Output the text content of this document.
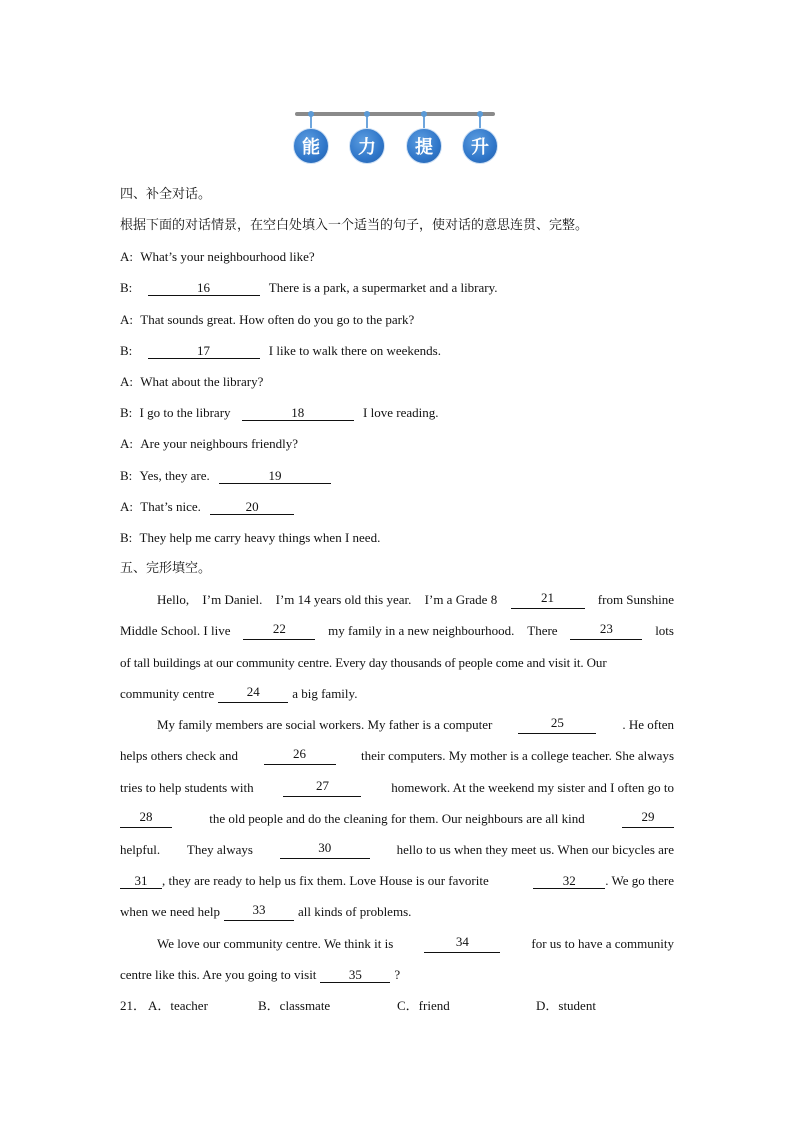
能	力	提	升
四、补全对话。
根据下面的对话情景，在空白处填入一个适当的句子，使对话的意思连贯、完整。
A: What’s your neighbourhood like?
B:	16	There is a park, a supermarket and a library.
A: That sounds great. How often do you go to the park?
B:	17	I like to walk there on weekends.
A: What about the library?
B: I go to the library	18	I love reading.
A: Are your neighbours friendly?
B: Yes, they are.	19
A: That’s nice.	20
B: They help me carry heavy things when I need.
五、完形填空。
Hello, I’m Daniel. I’m 14 years old this year. I’m a Grade 8	21	from Sunshine
Middle School. I live	22	my family in a new neighbourhood. There	23	lots
of tall buildings at our community centre. Every day thousands of people come and visit it. Our
community centre	24	a big family.
My family members are social workers. My father is a computer	25	. He often
helps others check and	26	their computers. My mother is a college teacher. She always
tries to help students with	27	homework. At the weekend my sister and I often go to
28	the old people and do the cleaning for them. Our neighbours are all kind	29
helpful. They always	30	hello to us when they meet us. When our bicycles are
31 , they are ready to help us fix them. Love House is our favorite	32 . We go there
when we need help	33	all kinds of problems.
We love our community centre. We think it is	34	for us to have a community
centre like this. Are you going to visit	35	?
21． A．teacher	B．classmate	C．friend	D．student
